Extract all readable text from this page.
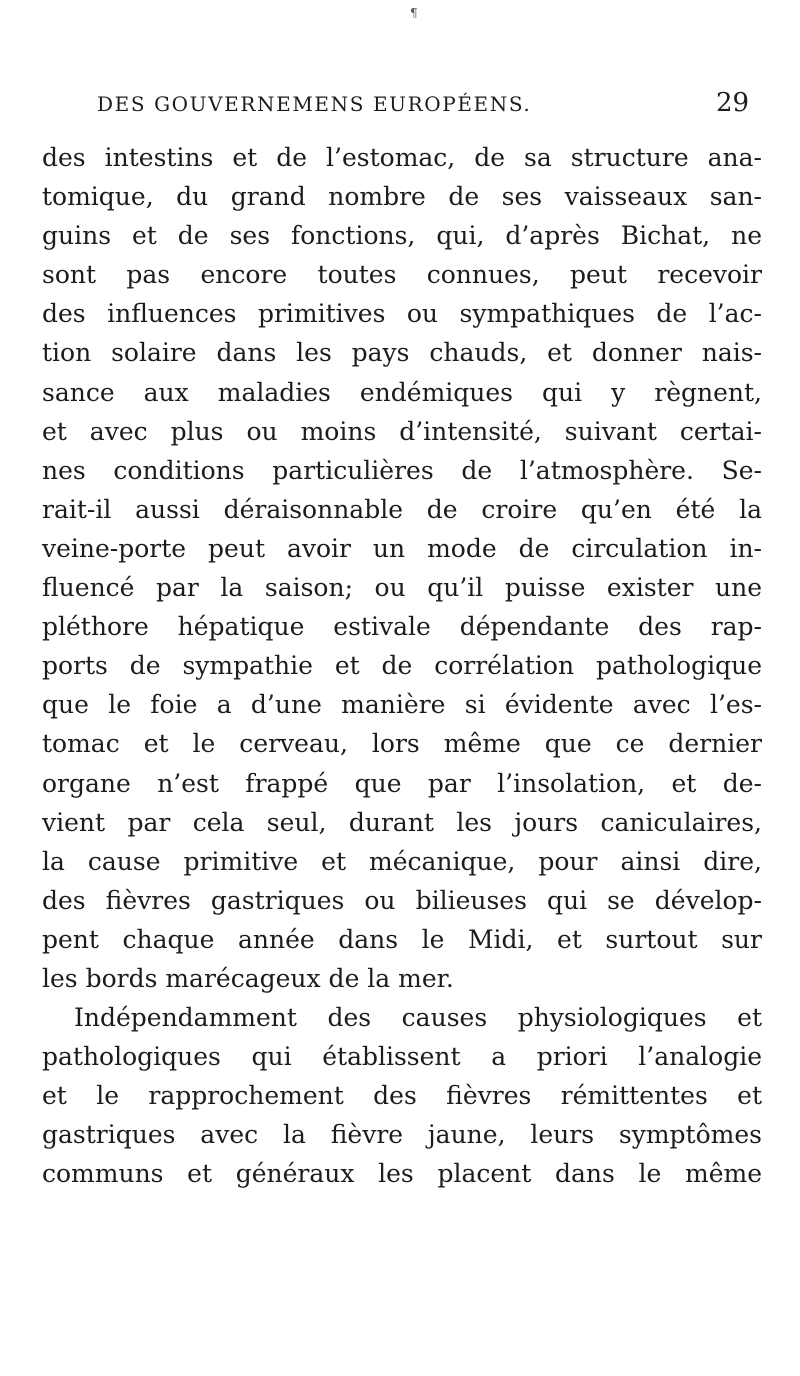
¶
DES GOUVERNEMENS EUROPÉENS.	29
des intestins et de l’estomac, de sa structure ana-
tomique, du grand nombre de ses vaisseaux san-
guins et de ses fonctions, qui, d’après Bichat, ne
sont pas encore toutes connues, peut recevoir
des influences primitives ou sympathiques de l’ac-
tion solaire dans les pays chauds, et donner nais-
sance aux maladies endémiques qui y règnent,
et avec plus ou moins d’intensité, suivant certai-
nes conditions particulières de l’atmosphère. Se-
rait-il aussi déraisonnable de croire qu’en été la
veine-porte peut avoir un mode de circulation in-
fluencé par la saison; ou qu’il puisse exister une
pléthore hépatique estivale dépendante des rap-
ports de sympathie et de corrélation pathologique
que le foie a d’une manière si évidente avec l’es-
tomac et le cerveau, lors même que ce dernier
organe n’est frappé que par l’insolation, et de-
vient par cela seul, durant les jours caniculaires,
la cause primitive et mécanique, pour ainsi dire,
des fièvres gastriques ou bilieuses qui se dévelop-
pent chaque année dans le Midi, et surtout sur
les bords marécageux de la mer.
Indépendamment des causes physiologiques et
pathologiques qui établissent a priori l’analogie
et le rapprochement des fièvres rémittentes et
gastriques avec la fièvre jaune, leurs symptômes
communs et généraux les placent dans le même
